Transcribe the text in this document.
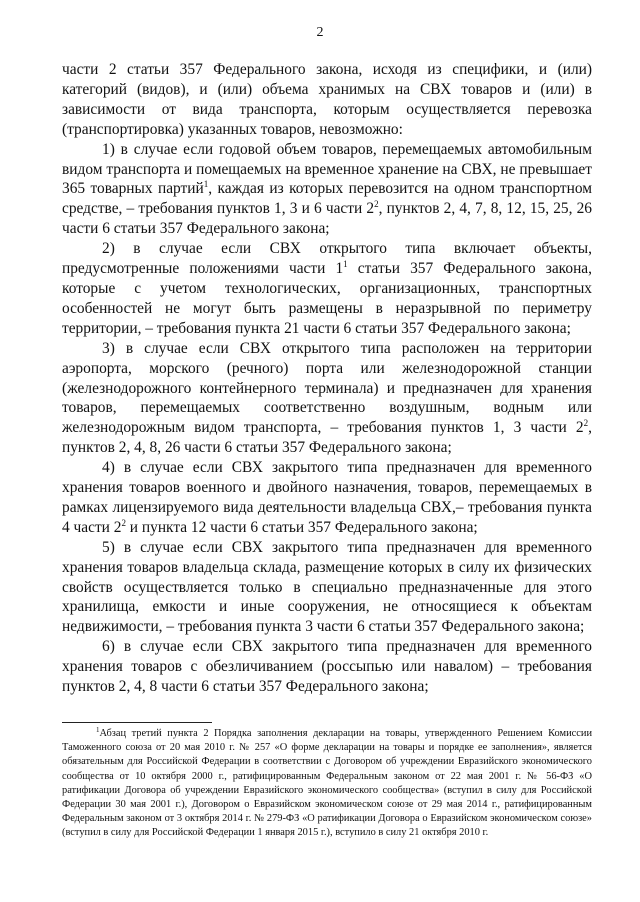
2

части 2 статьи 357 Федерального закона, исходя из специфики, и (или) категорий (видов), и (или) объема хранимых на СВХ товаров и (или) в зависимости от вида транспорта, которым осуществляется перевозка (транспортировка) указанных товаров, невозможно:

1) в случае если годовой объем товаров, перемещаемых автомобильным видом транспорта и помещаемых на временное хранение на СВХ, не превышает 365 товарных партий$^1$, каждая из которых перевозится на одном транспортном средстве, – требования пунктов 1, 3 и 6 части $2^2$, пунктов 2, 4, 7, 8, 12, 15, 25, 26 части 6 статьи 357 Федерального закона;

2) в случае если СВХ открытого типа включает объекты, предусмотренные положениями части $1^1$ статьи 357 Федерального закона, которые с учетом технологических, организационных, транспортных особенностей не могут быть размещены в неразрывной по периметру территории, – требования пункта 21 части 6 статьи 357 Федерального закона;

3) в случае если СВХ открытого типа расположен на территории аэропорта, морского (речного) порта или железнодорожной станции (железнодорожного контейнерного терминала) и предназначен для хранения товаров, перемещаемых соответственно воздушным, водным или железнодорожным видом транспорта, – требования пунктов 1, 3 части $2^2$, пунктов 2, 4, 8, 26 части 6 статьи 357 Федерального закона;

4) в случае если СВХ закрытого типа предназначен для временного хранения товаров военного и двойного назначения, товаров, перемещаемых в рамках лицензируемого вида деятельности владельца СВХ,– требования пункта 4 части $2^2$ и пункта 12 части 6 статьи 357 Федерального закона;

5) в случае если СВХ закрытого типа предназначен для временного хранения товаров владельца склада, размещение которых в силу их физических свойств осуществляется только в специально предназначенные для этого хранилища, емкости и иные сооружения, не относящиеся к объектам недвижимости, – требования пункта 3 части 6 статьи 357 Федерального закона;

6) в случае если СВХ закрытого типа предназначен для временного хранения товаров с обезличиванием (россыпью или навалом) – требования пунктов 2, 4, 8 части 6 статьи 357 Федерального закона;

$^1$Абзац третий пункта 2 Порядка заполнения декларации на товары, утвержденного Решением Комиссии Таможенного союза от 20 мая 2010 г. № 257 «О форме декларации на товары и порядке ее заполнения», является обязательным для Российской Федерации в соответствии с Договором об учреждении Евразийского экономического сообщества от 10 октября 2000 г., ратифицированным Федеральным законом от 22 мая 2001 г. № 56-ФЗ «О ратификации Договора об учреждении Евразийского экономического сообщества» (вступил в силу для Российской Федерации 30 мая 2001 г.), Договором о Евразийском экономическом союзе от 29 мая 2014 г., ратифицированным Федеральным законом от 3 октября 2014 г. № 279-ФЗ «О ратификации Договора о Евразийском экономическом союзе» (вступил в силу для Российской Федерации 1 января 2015 г.), вступило в силу 21 октября 2010 г.
